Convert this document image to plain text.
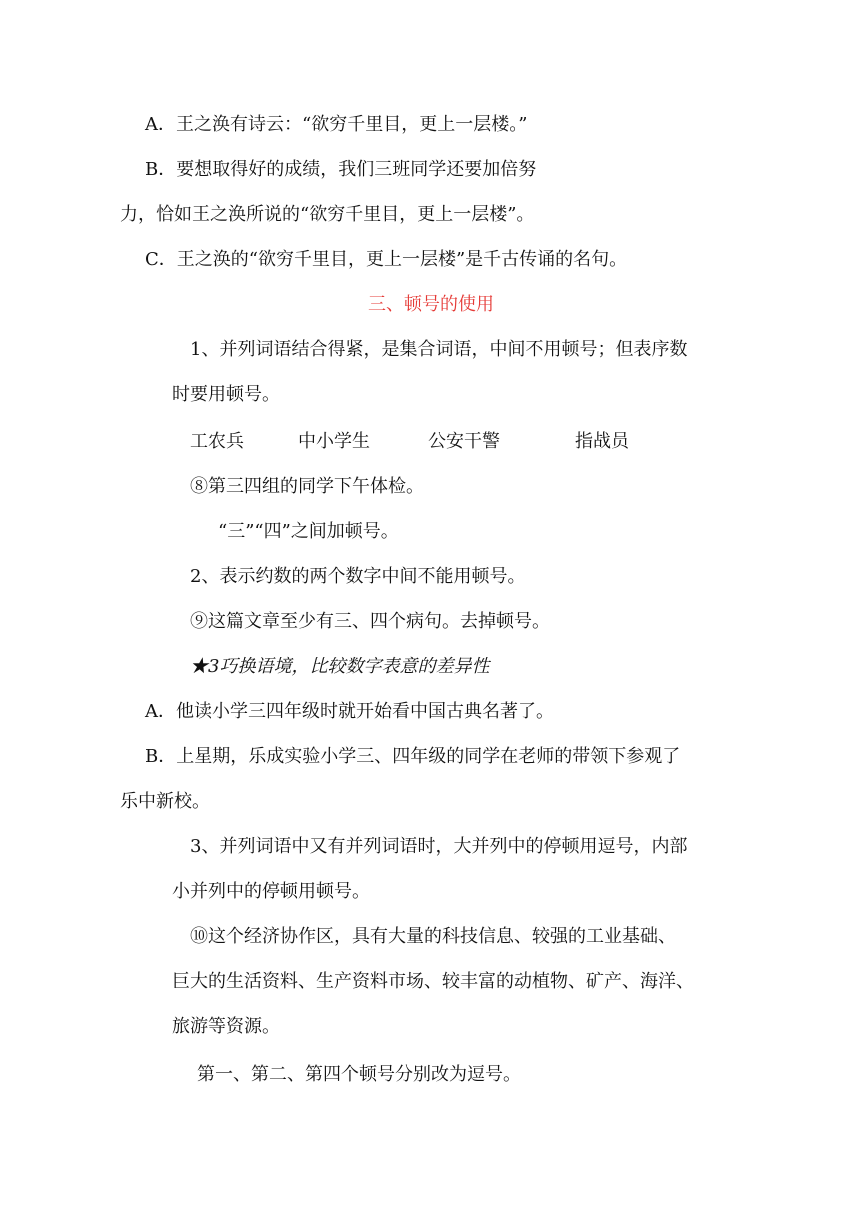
A．王之涣有诗云：“欲穷千里目，更上一层楼。”

B．要想取得好的成绩，我们三班同学还要加倍努

力，恰如王之涣所说的“欲穷千里目，更上一层楼”。

C．王之涣的“欲穷千里目，更上一层楼”是千古传诵的名句。

三、顿号的使用

1、并列词语结合得紧，是集合词语，中间不用顿号；但表序数

时要用顿号。

工农兵	中小学生	公安干警	指战员

⑧第三四组的同学下午体检。

“三”“四”之间加顿号。

2、表示约数的两个数字中间不能用顿号。

⑨这篇文章至少有三、四个病句。去掉顿号。

★3巧换语境，比较数字表意的差异性

A．他读小学三四年级时就开始看中国古典名著了。

B．上星期，乐成实验小学三、四年级的同学在老师的带领下参观了

乐中新校。

3、并列词语中又有并列词语时，大并列中的停顿用逗号，内部

小并列中的停顿用顿号。

⑩这个经济协作区，具有大量的科技信息、较强的工业基础、

巨大的生活资料、生产资料市场、较丰富的动植物、矿产、海洋、

旅游等资源。

第一、第二、第四个顿号分别改为逗号。
